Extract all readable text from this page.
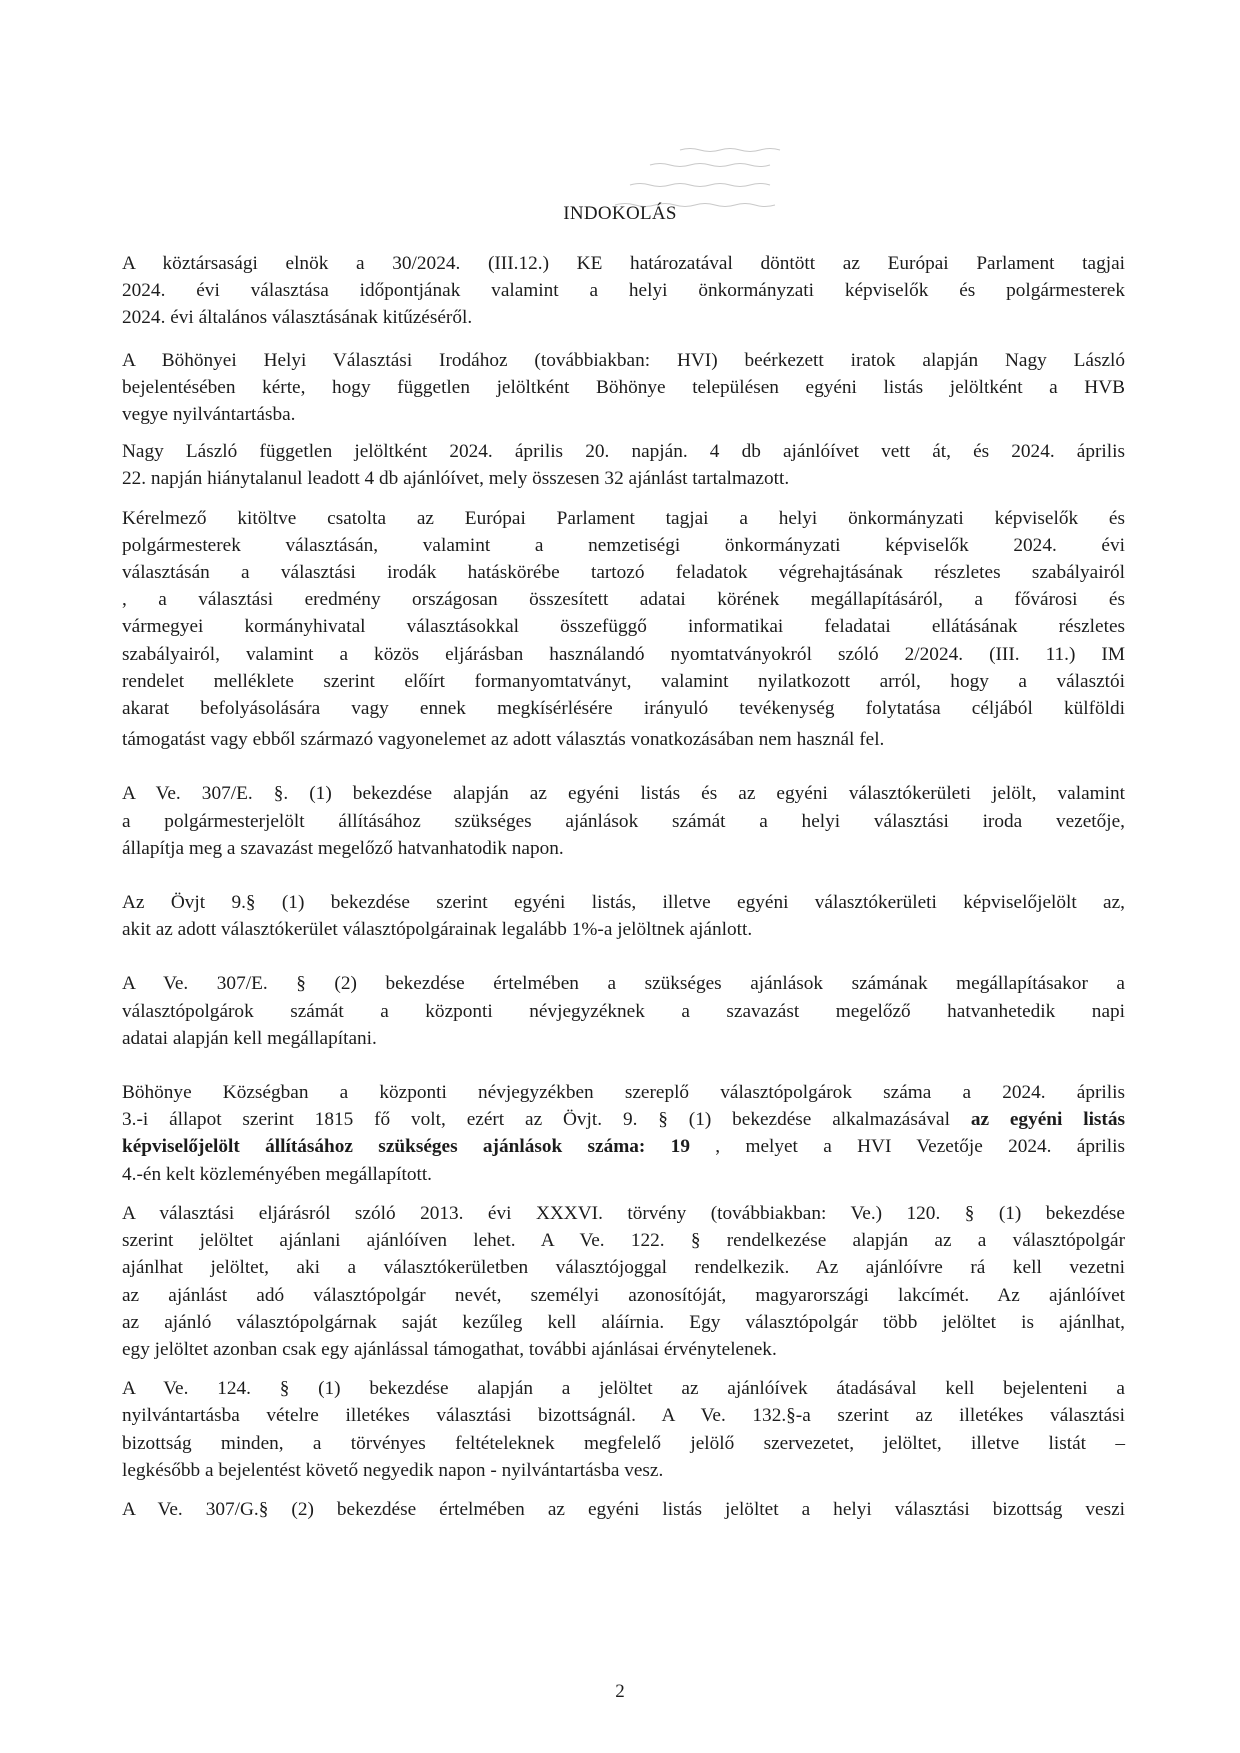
INDOKOLÁS

A köztársasági elnök a 30/2024. (III.12.) KE határozatával döntött az Európai Parlament tagjai
2024. évi választása időpontjának valamint a helyi önkormányzati képviselők és polgármesterek
2024. évi általános választásának kitűzéséről.

A Böhönyei Helyi Választási Irodához (továbbiakban: HVI) beérkezett iratok alapján Nagy László
bejelentésében kérte, hogy független jelöltként Böhönye településen egyéni listás jelöltként a HVB
vegye nyilvántartásba.

Nagy László független jelöltként 2024. április 20. napján. 4 db ajánlóívet vett át, és 2024. április
22. napján hiánytalanul leadott 4 db ajánlóívet, mely összesen 32 ajánlást tartalmazott.

Kérelmező kitöltve csatolta az Európai Parlament tagjai a helyi önkormányzati képviselők és
polgármesterek választásán, valamint a nemzetiségi önkormányzati képviselők 2024. évi
választásán a választási irodák hatáskörébe tartozó feladatok végrehajtásának részletes szabályairól
, a választási eredmény országosan összesített adatai körének megállapításáról, a fővárosi és
vármegyei kormányhivatal választásokkal összefüggő informatikai feladatai ellátásának részletes
szabályairól, valamint a közös eljárásban használandó nyomtatványokról szóló 2/2024. (III. 11.) IM
rendelet melléklete szerint előírt formanyomtatványt, valamint nyilatkozott arról, hogy a választói
akarat befolyásolására vagy ennek megkísérlésére irányuló tevékenység folytatása céljából külföldi
támogatást vagy ebből származó vagyonelemet az adott választás vonatkozásában nem használ fel.

A Ve. 307/E. §. (1) bekezdése alapján az egyéni listás és az egyéni választókerületi jelölt, valamint
a polgármesterjelölt állításához szükséges ajánlások számát a helyi választási iroda vezetője,
állapítja meg a szavazást megelőző hatvanhatodik napon.

Az Övjt 9.§ (1) bekezdése szerint egyéni listás, illetve egyéni választókerületi képviselőjelölt az,
akit az adott választókerület választópolgárainak legalább 1%-a jelöltnek ajánlott.

A Ve. 307/E. § (2) bekezdése értelmében a szükséges ajánlások számának megállapításakor a
választópolgárok számát a központi névjegyzéknek a szavazást megelőző hatvanhetedik napi
adatai alapján kell megállapítani.

Böhönye Községban a központi névjegyzékben szereplő választópolgárok száma a 2024. április
3.-i állapot szerint 1815 fő volt, ezért az Övjt. 9. § (1) bekezdése alkalmazásával az egyéni listás
képviselőjelölt állításához szükséges ajánlások száma: 19 , melyet a HVI Vezetője 2024. április
4.-én kelt közleményében megállapított.

A választási eljárásról szóló 2013. évi XXXVI. törvény (továbbiakban: Ve.) 120. § (1) bekezdése
szerint jelöltet ajánlani ajánlóíven lehet. A Ve. 122. § rendelkezése alapján az a választópolgár
ajánlhat jelöltet, aki a választókerületben választójoggal rendelkezik. Az ajánlóívre rá kell vezetni
az ajánlást adó választópolgár nevét, személyi azonosítóját, magyarországi lakcímét. Az ajánlóívet
az ajánló választópolgárnak saját kezűleg kell aláírnia. Egy választópolgár több jelöltet is ajánlhat,
egy jelöltet azonban csak egy ajánlással támogathat, további ajánlásai érvénytelenek.

A Ve. 124. § (1) bekezdése alapján a jelöltet az ajánlóívek átadásával kell bejelenteni a
nyilvántartásba vételre illetékes választási bizottságnál. A Ve. 132.§-a szerint az illetékes választási
bizottság minden, a törvényes feltételeknek megfelelő jelölő szervezetet, jelöltet, illetve listát –
legkésőbb a bejelentést követő negyedik napon - nyilvántartásba vesz.

A Ve. 307/G.§ (2) bekezdése értelmében az egyéni listás jelöltet a helyi választási bizottság veszi

2
